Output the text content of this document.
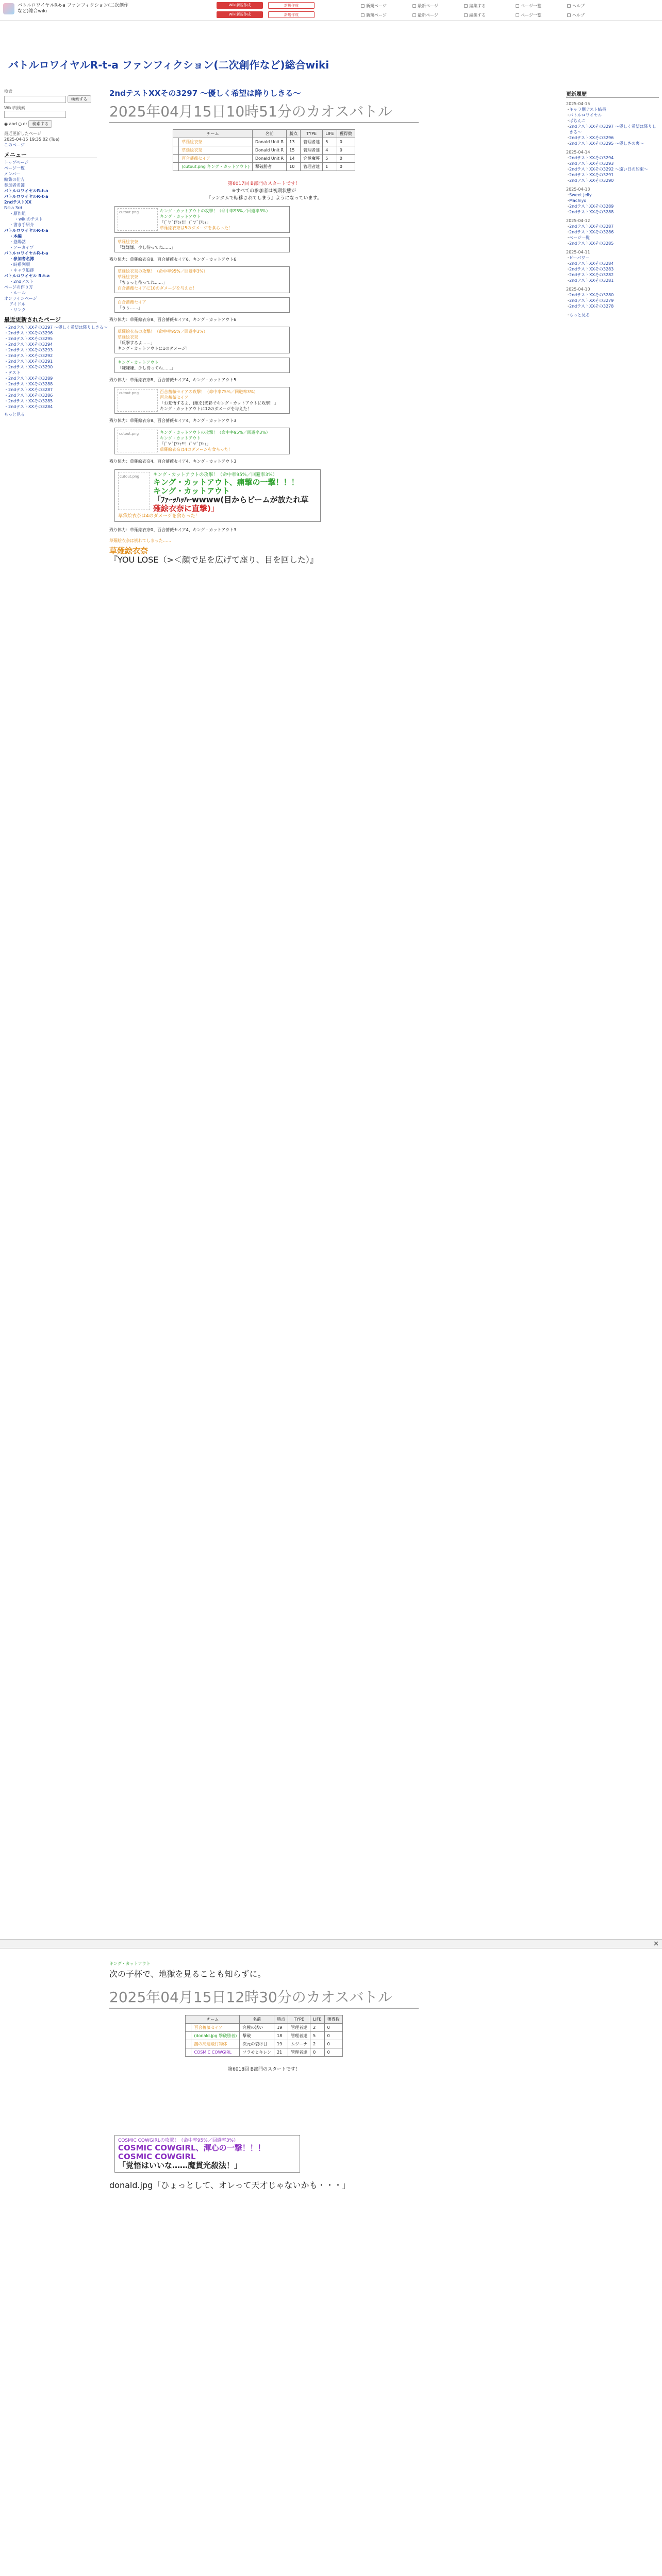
バトルロワイヤルR-t-a ファンフィクション(二次創作
など)総合wiki
Wiki新規作成	新規作成
Wiki新規作成	新規作成
新規ページ	最新ページ	編集する	ページ一覧	ヘルプ
新規ページ	最新ページ	編集する	ページ一覧	ヘルプ
バトルロワイヤルR-t-a ファンフィクション(二次創作など)総合wiki
検索
検索する
Wiki内検索
◉ and ○ or 検索する
最近更新したページ
2025-04-15 19:35:02 (Tue)
このページ
メニュー
トップページ
ページ一覧
メンバー
編集の仕方
参加者名簿
バトルロワイヤルR-t-a
バトルロワイヤルR-t-a
2ndテストXX
R-t-a 3rd
・原作組
・wikiのテスト
・書き手紹介
バトルロワイヤルR-t-a
・本編
・登場話
・アーカイブ
バトルロワイヤルR-t-a
・参加者名簿
・時系列順
・キャラ追跡
バトルロワイヤル R-t-a
・2ndテスト
ページの作り方
・ルール
オンラインページ
アイドル
・リンク
最近更新されたページ
・2ndテストXXその3297 ～優しく希望は降りしきる～
・2ndテストXXその3296
・2ndテストXXその3295
・2ndテストXXその3294
・2ndテストXXその3293
・2ndテストXXその3292
・2ndテストXXその3291
・2ndテストXXその3290
・テスト
・2ndテストXXその3289
・2ndテストXXその3288
・2ndテストXXその3287
・2ndテストXXその3286
・2ndテストXXその3285
・2ndテストXXその3284
もっと見る
更新履歴
2025-04-15
・ キャラ別テスト結果
・ バトルロワイヤル
・ ぱちんこ
・ 2ndテストXXその3297 ～優しく希望は降りしきる～
・ 2ndテストXXその3296
・ 2ndテストXXその3295 ～優しさの裏～
2025-04-14
・ 2ndテストXXその3294
・ 2ndテストXXその3293
・ 2ndテストXXその3292 ～遠い日の約束～
・ 2ndテストXXその3291
・ 2ndテストXXその3290
2025-04-13
・ Sweet Jelly
・ Machiyo
・ 2ndテストXXその3289
・ 2ndテストXXその3288
2025-04-12
・ 2ndテストXXその3287
・ 2ndテストXXその3286
・ ページ一覧
・ 2ndテストXXその3285
2025-04-11
・ ピーパワー
・ 2ndテストXXその3284
・ 2ndテストXXその3283
・ 2ndテストXXその3282
・ 2ndテストXXその3281
2025-04-10
・ 2ndテストXXその3280
・ 2ndテストXXその3279
・ 2ndテストXXその3278
・ もっと見る
2ndテストXXその3297 ～優しく希望は降りしきる～
2025年04月15日10時51分のカオスバトル
チーム		名前	勝点	TYPE	LIFE	獲得数
	草薙絵衣奈	Donald Unit R	13	管理者達	5	0
	草薙絵衣奈	Donald Unit R	15	管理者達	4	0
	百合薔薇セイア	Donald Unit R	14	究極魔導	5	0
	(cutout.png キング・カットアウト)	撃破勝者	10	管理者達	1	0
第6017回 B部門のスタートです！
※すべての参加者は初期状態が
『ランダムで転移されてしまう』ようになっています。
cutout.png	キング・カットアウトの攻撃！（命中率95%／回避率3%）
キング・カットアウト
「(ﾟ∀ﾟ)ｱﾋｬ!!！(ﾟ∀ﾟ)ｱﾋｬ」
草薙絵衣奈は5のダメージを食らった！
草薙絵衣奈
「嫌嫌嫌、少し待ってね……」
残り体力：草薙絵衣奈8、百合薔薇セイア6、キング・カットアウト6
草薙絵衣奈の攻撃！（命中率95%／回避率3%）
草薙絵衣奈
「ちょっと待ってね……」
百合薔薇セイアに10のダメージを与えた！
百合薔薇セイア
「うぅ……」
残り体力：草薙絵衣奈8、百合薔薇セイア4、キング・カットアウト6
草薙絵衣奈の攻撃！（命中率95%／回避率3%）
草薙絵衣奈
「反撃するよ……」
キング・カットアウトに1のダメージ！
キング・カットアウト
「嫌嫌嫌、少し待ってね……」
残り体力：草薙絵衣奈8、百合薔薇セイア4、キング・カットアウト5
cutout.png	百合薔薇セイアの攻撃！（命中率75%／回避率3%）
百合薔薇セイア
「お覚悟するよ、(敵を)光彩でキング・カットアウトに攻撃！」
キング・カットアウトに12のダメージを与えた！
残り体力：草薙絵衣奈8、百合薔薇セイア4、キング・カットアウト3
cutout.png	キング・カットアウトの攻撃！（命中率95%／回避率3%）
キング・カットアウト
「(ﾟ∀ﾟ)ｱﾋｬ!!！(ﾟ∀ﾟ)ｱﾋｬ」
草薙絵衣奈は4のダメージを食らった！
残り体力：草薙絵衣奈4、百合薔薇セイア4、キング・カットアウト3
cutout.png	キング・カットアウトの攻撃！（命中率95%／回避率3%）
キング・カットアウト、痛撃の一撃！！！
キング・カットアウト
「ﾌｧｰｯﾊｯﾊｰwwww(目からビームが放たれ草
薙絵衣奈に直撃)」
草薙絵衣奈は4のダメージを食らった！
残り体力：草薙絵衣奈0、百合薔薇セイア4、キング・カットアウト3
草薙絵衣奈は倒れてしまった……
草薙絵衣奈
『YOU LOSE（>＜顔で足を広げて座り、目を回した）』
✕
キング・カットアウト
次の子杯で、地獄を見ることも知らずに。
2025年04月15日12時30分のカオスバトル
チーム		名前	勝点	TYPE	LIFE	獲得数
	百合薔薇セイア	究極の誘い	19	管理者達	2	0
	(donald.jpg 撃破勝者)	撃破	18	管理者達	5	0
	謎の高速飛行物体	次元の裂け目	19	ムジーナ	2	0
	COSMIC COWGIRL	ソラモヒキレン	21	管理者達	0	0
第6018回 B部門のスタートです！
COSMIC COWGIRLの攻撃！（命中率95%／回避率3%）
COSMIC COWGIRL、渾心の一撃！！！
COSMIC COWGIRL
「覚悟はいいな……魔貫光殺法！」
donald.jpg「ひょっとして、オレって天才じゃないかも・・・」
